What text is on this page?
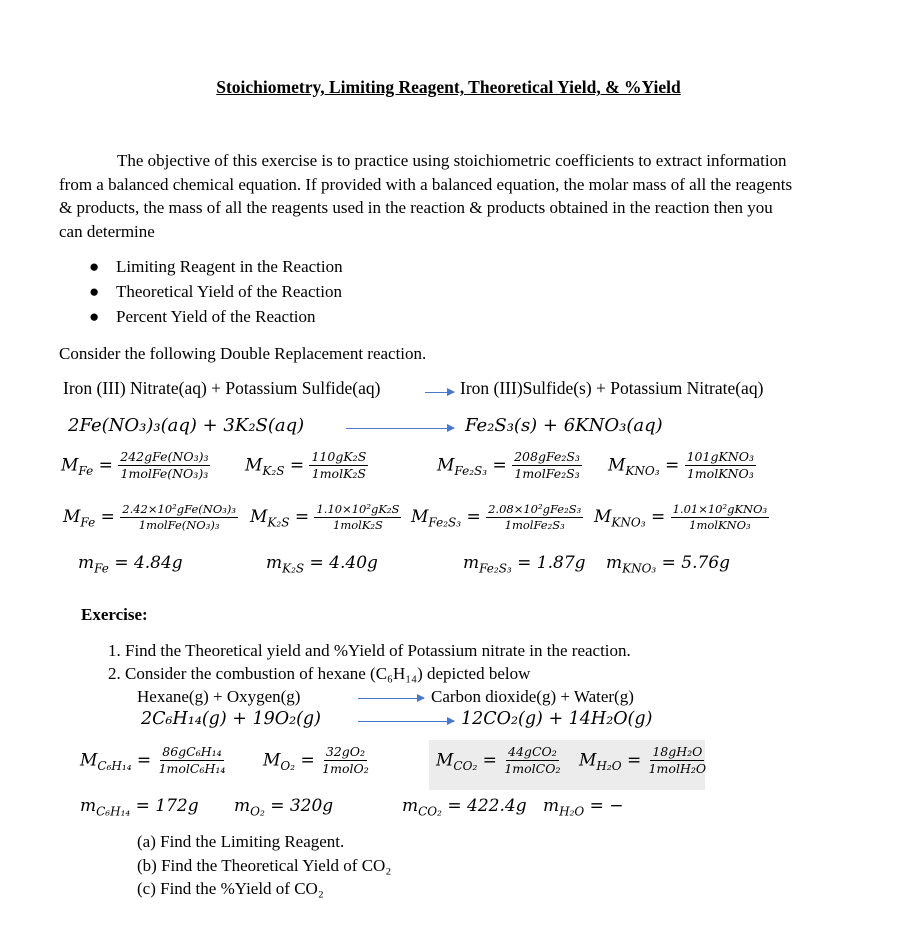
Stoichiometry, Limiting Reagent, Theoretical Yield, & %Yield
The objective of this exercise is to practice using stoichiometric coefficients to extract information from a balanced chemical equation. If provided with a balanced equation, the molar mass of all the reagents & products, the mass of all the reagents used in the reaction & products obtained in the reaction then you can determine
● Limiting Reagent in the Reaction
● Theoretical Yield of the Reaction
● Percent Yield of the Reaction
Consider the following Double Replacement reaction.
Iron (III) Nitrate(aq) + Potassium Sulfide(aq)	→ Iron (III)Sulfide(s) + Potassium Nitrate(aq)
2Fe(NO₃)₃(aq) + 3K₂S(aq)	Fe₂S₃(s) + 6KNO₃(aq)
$M_{Fe} = \frac{\text{242gFe(NO₃)₃}}{\text{1molFe(NO₃)₃}} M_{K_2S} = \frac{\text{110gK₂S}}{\text{1molK₂S}}$	$M_{Fe_2S_3} = \frac{\text{208gFe₂S₃}}{\text{1molFe₂S₃}} M_{KNO_3} = \frac{\text{101gKNO₃}}{\text{1molKNO₃}}$
$M_{Fe} = \frac{\text{2.42×10²gFe(NO₃)₃}}{\text{1molFe(NO₃)₃}} M_{K_2S} = \frac{\text{1.10×10²gK₂S}}{\text{1molK₂S}} M_{Fe_2S_3} = \frac{\text{2.08×10²gFe₂S₃}}{\text{1molFe₂S₃}} M_{KNO_3} = \frac{\text{1.01×10²gKNO₃}}{\text{1molKNO₃}}$
$m_{Fe} = 4.84g$	$m_{K_2S} = 4.40g$	$m_{Fe_2S_3} = 1.87g$ $m_{KNO_3} = 5.76g$
Exercise:
1. Find the Theoretical yield and %Yield of Potassium nitrate in the reaction.
2. Consider the combustion of hexane (C₆H₁₄) depicted below
Hexane(g) + Oxygen(g)	Carbon dioxide(g) + Water(g)
2C₆H₁₄(g) + 19O₂(g)	12CO₂(g) + 14H₂O(g)
$M_{C_6H_{14}} = \frac{\text{86gC₆H₁₄}}{\text{1molC₆H₁₄}} M_{O_2} = \frac{\text{32gO₂}}{\text{1molO₂}}$	$M_{CO_2} = \frac{\text{44gCO₂}}{\text{1molCO₂}} M_{H_2O} = \frac{\text{18gH₂O}}{\text{1molH₂O}}$
$m_{C_6H_{14}} = 172g$ $m_{O_2} = 320g$	$m_{CO_2} = 422.4g$ $m_{H_2O}$ = −
(a) Find the Limiting Reagent.
(b) Find the Theoretical Yield of CO₂
(c) Find the %Yield of CO₂
